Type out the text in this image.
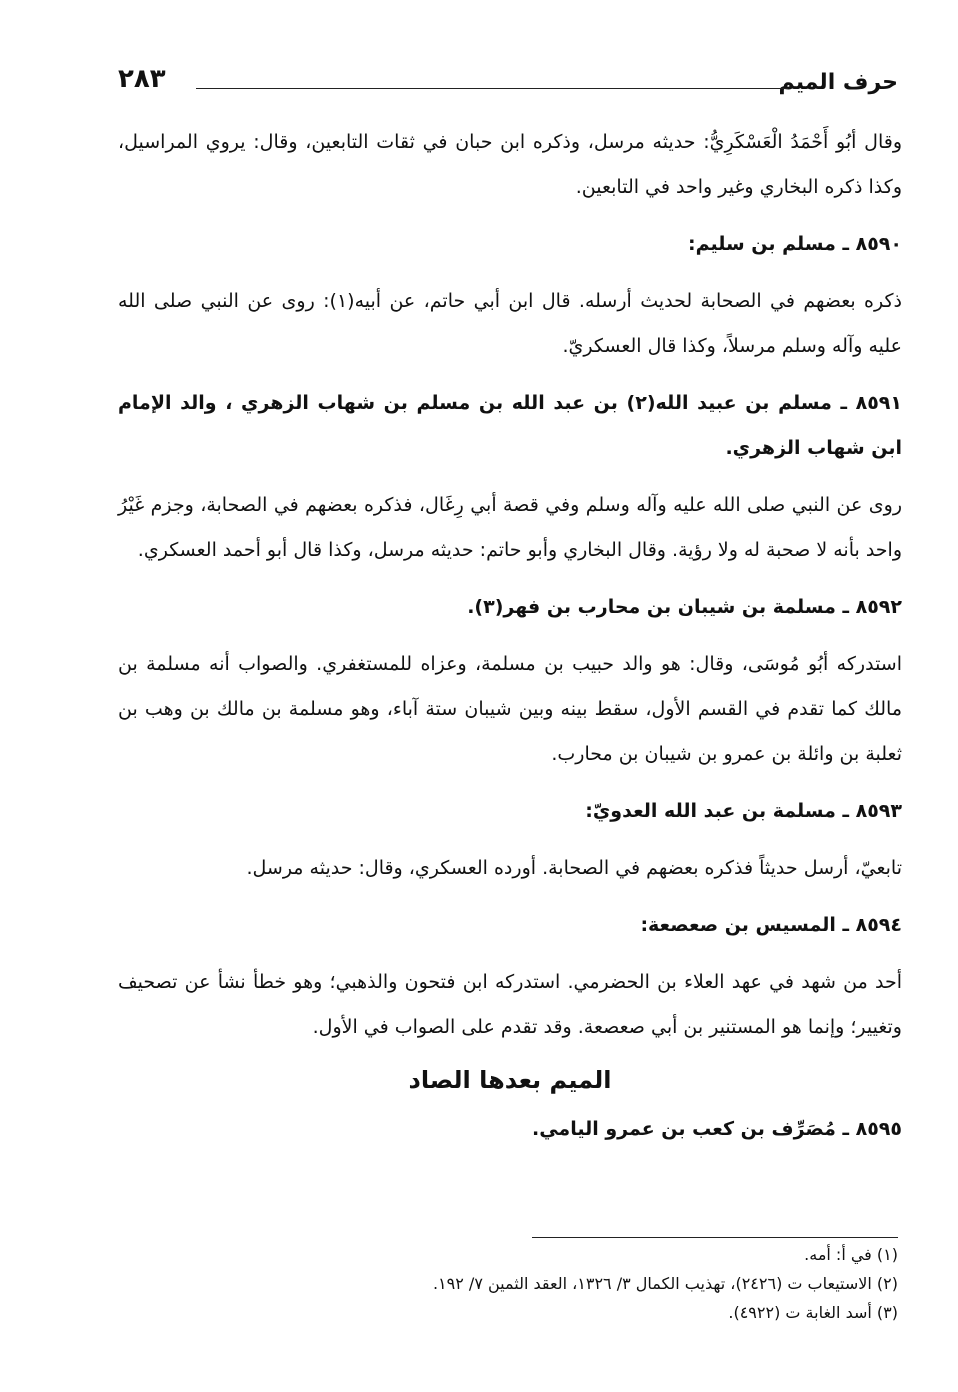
حرف الميم
٢٨٣

وقال أبُو أَحْمَدُ الْعَسْكَرِيُّ: حديثه مرسل، وذكره ابن حبان في ثقات التابعين، وقال: يروي المراسيل، وكذا ذكره البخاري وغير واحد في التابعين.

٨٥٩٠ ـ مسلم بن سليم:

ذكره بعضهم في الصحابة لحديث أرسله. قال ابن أبي حاتم، عن أبيه(١): روى عن النبي صلى الله عليه وآله وسلم مرسلاً، وكذا قال العسكريّ.

٨٥٩١ ـ مسلم بن عبيد الله(٢) بن عبد الله بن مسلم بن شهاب الزهري ، والد الإمام ابن شهاب الزهري.

روى عن النبي صلى الله عليه وآله وسلم وفي قصة أبي رِغَال، فذكره بعضهم في الصحابة، وجزم غَيْرُ واحد بأنه لا صحبة له ولا رؤية. وقال البخاري وأبو حاتم: حديثه مرسل، وكذا قال أبو أحمد العسكري.

٨٥٩٢ ـ مسلمة بن شيبان بن محارب بن فهر(٣).

استدركه أبُو مُوسَى، وقال: هو والد حبيب بن مسلمة، وعزاه للمستغفري. والصواب أنه مسلمة بن مالك كما تقدم في القسم الأول، سقط بينه وبين شيبان ستة آباء، وهو مسلمة بن مالك بن وهب بن ثعلبة بن وائلة بن عمرو بن شيبان بن محارب.

٨٥٩٣ ـ مسلمة بن عبد الله العدويّ:

تابعيّ، أرسل حديثاً فذكره بعضهم في الصحابة. أورده العسكري، وقال: حديثه مرسل.

٨٥٩٤ ـ المسيس بن صعصعة:

أحد من شهد في عهد العلاء بن الحضرمي. استدركه ابن فتحون والذهبي؛ وهو خطأ نشأ عن تصحيف وتغيير؛ وإنما هو المستنير بن أبي صعصعة. وقد تقدم على الصواب في الأول.

الميم بعدها الصاد

٨٥٩٥ ـ مُصَرِّف بن كعب بن عمرو اليامي.

(١) في أ: أمه.
(٢) الاستيعاب ت (٢٤٢٦)، تهذيب الكمال ٣/ ١٣٢٦، العقد الثمين ٧/ ١٩٢.
(٣) أسد الغابة ت (٤٩٢٢).
